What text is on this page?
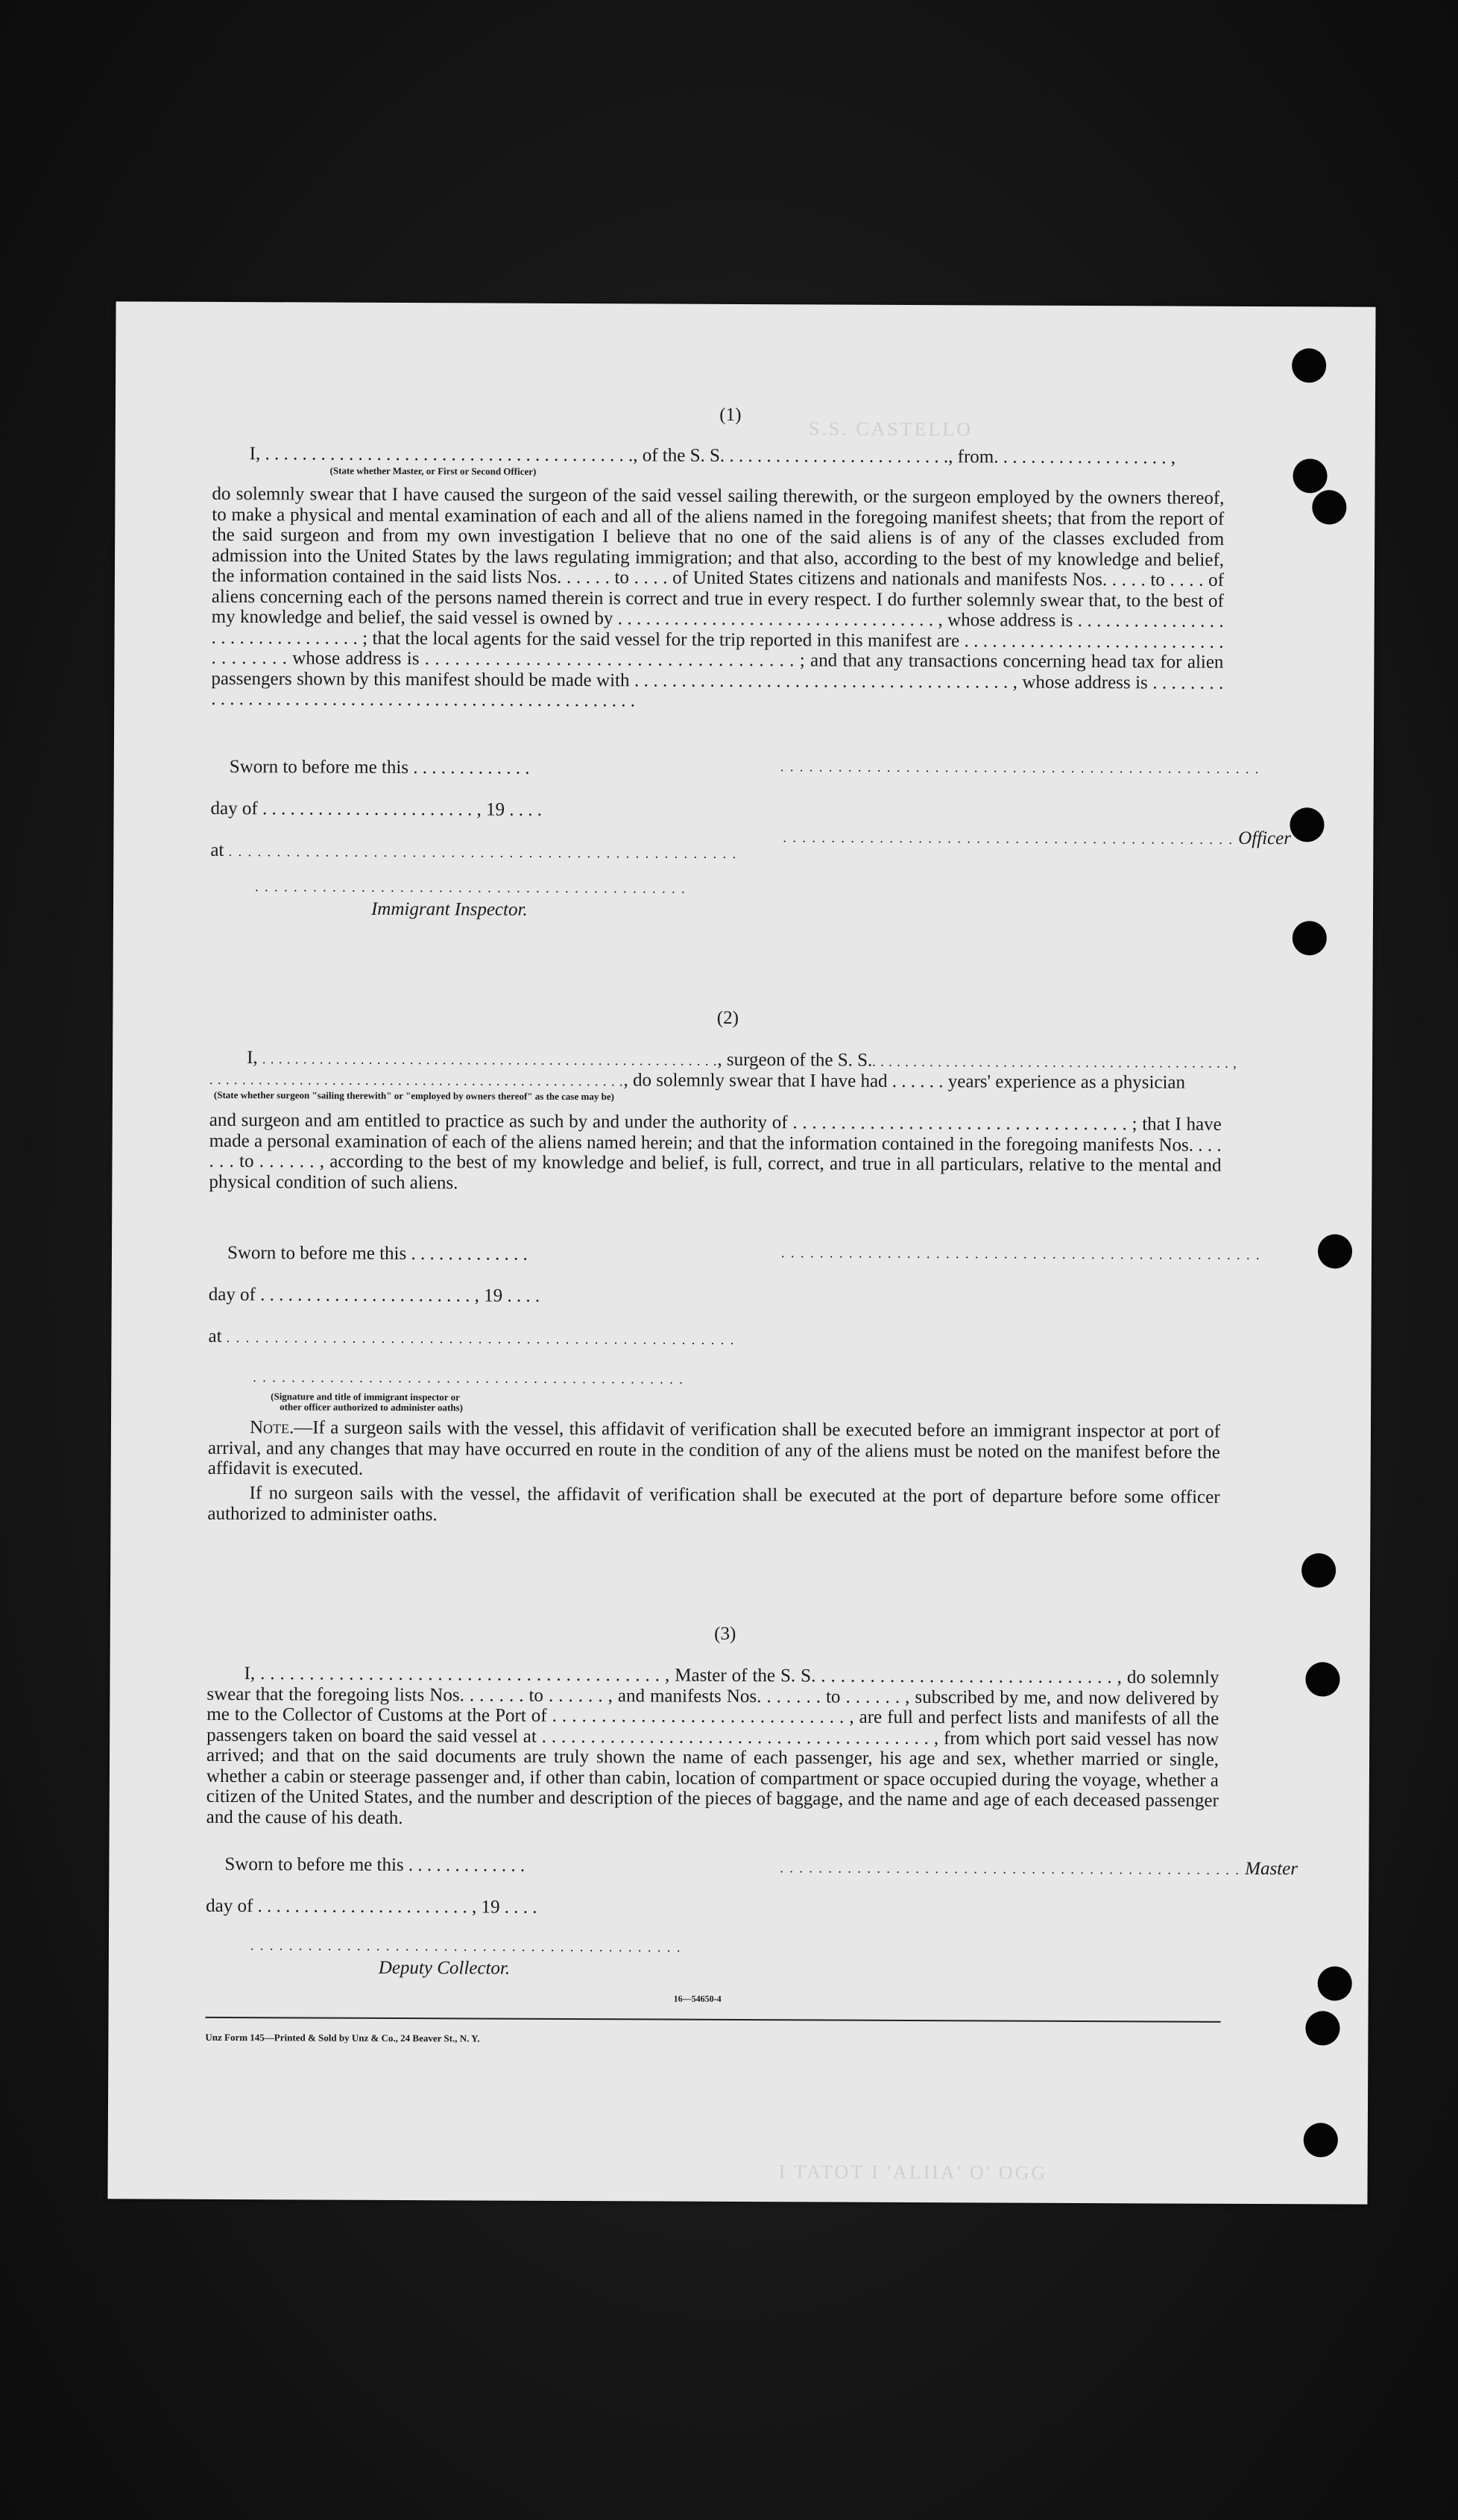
S.S. CASTELLO
I TATOT I 'ALIIA' O' OGG
(1)
I, . . . . . . . . . . . . . . . . . . . . . . . . . . . . . . . . . . . . . . . ., of the S. S. . . . . . . . . . . . . . . . . . . . . . . . ., from. . . . . . . . . . . . . . . . . . . ,
(State whether Master, or First or Second Officer)
do solemnly swear that I have caused the surgeon of the said vessel sailing therewith, or the surgeon employed by the owners thereof, to make a physical and mental examination of each and all of the aliens named in the foregoing manifest sheets; that from the report of the said surgeon and from my own investigation I believe that no one of the said aliens is of any of the classes excluded from admission into the United States by the laws regulating immigration; and that also, according to the best of my knowledge and belief, the information contained in the said lists Nos. . . . . . to . . . . of United States citizens and nationals and manifests Nos. . . . . to . . . . of aliens concerning each of the persons named therein is correct and true in every respect. I do further solemnly swear that, to the best of my knowledge and belief, the said vessel is owned by . . . . . . . . . . . . . . . . . . . . . . . . . . . . . . . . . . , whose address is . . . . . . . . . . . . . . . . . . . . . . . . . . . . . . . . ; that the local agents for the said vessel for the trip reported in this manifest are . . . . . . . . . . . . . . . . . . . . . . . . . . . . . . . . . . . . whose address is . . . . . . . . . . . . . . . . . . . . . . . . . . . . . . . . . . . . . ; and that any transactions concerning head tax for alien passengers shown by this manifest should be made with . . . . . . . . . . . . . . . . . . . . . . . . . . . . . . . . . . . . . . . . , whose address is . . . . . . . . . . . . . . . . . . . . . . . . . . . . . . . . . . . . . . . . . . . . . . . . . . . . . .
Sworn to before me this . . . . . . . . . . . . .	. . . . . . . . . . . . . . . . . . . . . . . . . . . . . . . . . . . . . . . . . . . . . . . . . .
day of . . . . . . . . . . . . . . . . . . . . . . . , 19 . . . .
. . . . . . . . . . . . . . . . . . . . . . . . . . . . . . . . . . . . . . . . . . . . . . . Officer
at . . . . . . . . . . . . . . . . . . . . . . . . . . . . . . . . . . . . . . . . . . . . . . . . . . . . .
. . . . . . . . . . . . . . . . . . . . . . . . . . . . . . . . . . . . . . . . . . . . .
Immigrant Inspector.
(2)
I, . . . . . . . . . . . . . . . . . . . . . . . . . . . . . . . . . . . . . . . . . . . . . . . . . . . . . . . ., surgeon of the S. S.. . . . . . . . . . . . . . . . . . . . . . . . . . . . . . . . . . . . . . . . . . . . ,
. . . . . . . . . . . . . . . . . . . . . . . . . . . . . . . . . . . . . . . . . . . . . . . . . . ., do solemnly swear that I have had . . . . . . years' experience as a physician
(State whether surgeon "sailing therewith" or "employed by owners thereof" as the case may be)
and surgeon and am entitled to practice as such by and under the authority of . . . . . . . . . . . . . . . . . . . . . . . . . . . . . . . . . . . ; that I have made a personal examination of each of the aliens named herein; and that the information contained in the foregoing manifests Nos. . . . . . . to . . . . . . , according to the best of my knowledge and belief, is full, correct, and true in all particulars, relative to the mental and physical condition of such aliens.
Sworn to before me this . . . . . . . . . . . . .	. . . . . . . . . . . . . . . . . . . . . . . . . . . . . . . . . . . . . . . . . . . . . . . . . .
day of . . . . . . . . . . . . . . . . . . . . . . . , 19 . . . .
at . . . . . . . . . . . . . . . . . . . . . . . . . . . . . . . . . . . . . . . . . . . . . . . . . . . . .
. . . . . . . . . . . . . . . . . . . . . . . . . . . . . . . . . . . . . . . . . . . . .
(Signature and title of immigrant inspector or
other officer authorized to administer oaths)
Note.—If a surgeon sails with the vessel, this affidavit of verification shall be executed before an immigrant inspector at port of arrival, and any changes that may have occurred en route in the condition of any of the aliens must be noted on the manifest before the affidavit is executed.
If no surgeon sails with the vessel, the affidavit of verification shall be executed at the port of departure before some officer authorized to administer oaths.
(3)
I, . . . . . . . . . . . . . . . . . . . . . . . . . . . . . . . . . . . . . . . . . , Master of the S. S. . . . . . . . . . . . . . . . . . . . . . . . . . . . . . . , do solemnly swear that the foregoing lists Nos. . . . . . . to . . . . . . , and manifests Nos. . . . . . . to . . . . . . , subscribed by me, and now delivered by me to the Collector of Customs at the Port of . . . . . . . . . . . . . . . . . . . . . . . . . . . . . . , are full and perfect lists and manifests of all the passengers taken on board the said vessel at . . . . . . . . . . . . . . . . . . . . . . . . . . . . . . . . . . . . . . . . , from which port said vessel has now arrived; and that on the said documents are truly shown the name of each passenger, his age and sex, whether married or single, whether a cabin or steerage passenger and, if other than cabin, location of compartment or space occupied during the voyage, whether a citizen of the United States, and the number and description of the pieces of baggage, and the name and age of each deceased passenger and the cause of his death.
Sworn to before me this . . . . . . . . . . . . .	. . . . . . . . . . . . . . . . . . . . . . . . . . . . . . . . . . . . . . . . . . . . . . . . Master
day of . . . . . . . . . . . . . . . . . . . . . . . , 19 . . . .
. . . . . . . . . . . . . . . . . . . . . . . . . . . . . . . . . . . . . . . . . . . . .
Deputy Collector.
16—54650-4
Unz Form 145—Printed & Sold by Unz & Co., 24 Beaver St., N. Y.
